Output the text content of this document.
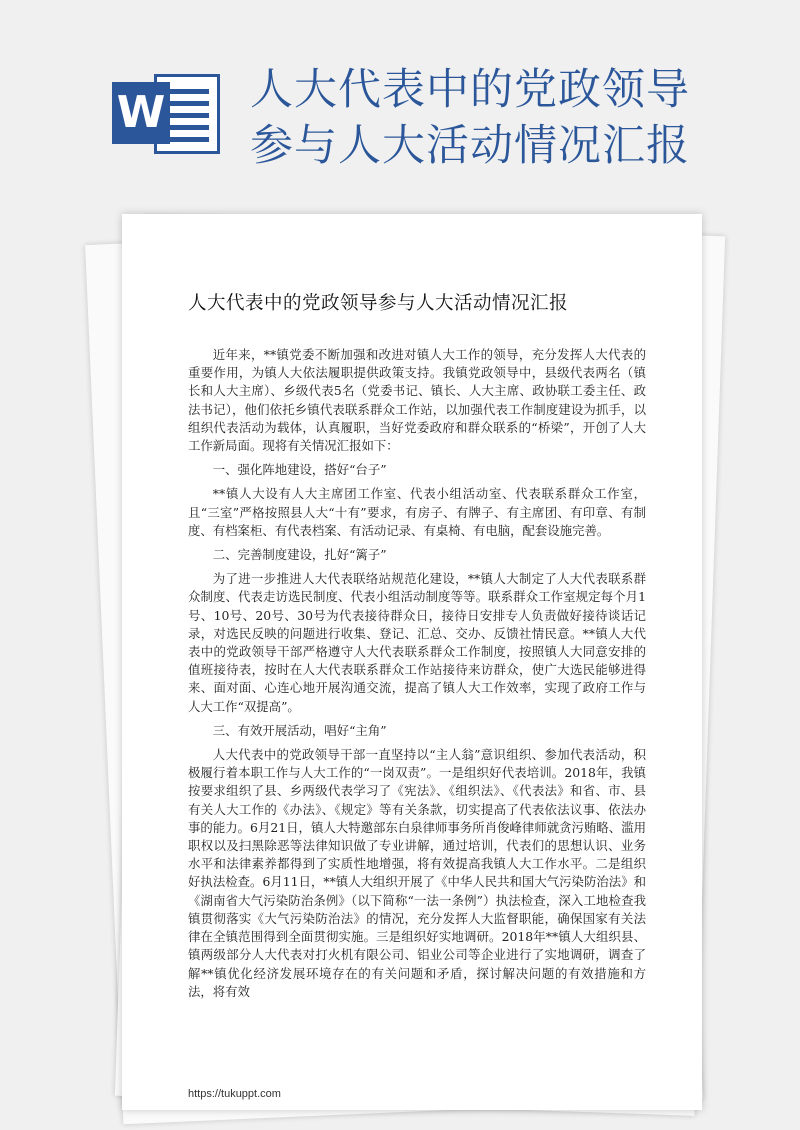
W 人大代表中的党政领导
参与人大活动情况汇报
人大代表中的党政领导参与人大活动情况汇报

近年来，**镇党委不断加强和改进对镇人大工作的领导，充分发挥人大代表的重要作用，为镇人大依法履职提供政策支持。我镇党政领导中，县级代表两名（镇长和人大主席）、乡级代表5名（党委书记、镇长、人大主席、政协联工委主任、政法书记），他们依托乡镇代表联系群众工作站，以加强代表工作制度建设为抓手，以组织代表活动为载体，认真履职，当好党委政府和群众联系的“桥梁”，开创了人大工作新局面。现将有关情况汇报如下：

一、强化阵地建设，搭好“台子”

**镇人大设有人大主席团工作室、代表小组活动室、代表联系群众工作室，且“三室”严格按照县人大“十有”要求，有房子、有牌子、有主席团、有印章、有制度、有档案柜、有代表档案、有活动记录、有桌椅、有电脑，配套设施完善。

二、完善制度建设，扎好“篱子”

为了进一步推进人大代表联络站规范化建设，**镇人大制定了人大代表联系群众制度、代表走访选民制度、代表小组活动制度等等。联系群众工作室规定每个月1号、10号、20号、30号为代表接待群众日，接待日安排专人负责做好接待谈话记录，对选民反映的问题进行收集、登记、汇总、交办、反馈社情民意。**镇人大代表中的党政领导干部严格遵守人大代表联系群众工作制度，按照镇人大同意安排的值班接待表，按时在人大代表联系群众工作站接待来访群众，使广大选民能够进得来、面对面、心连心地开展沟通交流，提高了镇人大工作效率，实现了政府工作与人大工作“双提高”。

三、有效开展活动，唱好“主角”

人大代表中的党政领导干部一直坚持以“主人翁”意识组织、参加代表活动，积极履行着本职工作与人大工作的“一岗双责”。一是组织好代表培训。2018年，我镇按要求组织了县、乡两级代表学习了《宪法》、《组织法》、《代表法》和省、市、县有关人大工作的《办法》、《规定》等有关条款，切实提高了代表依法议事、依法办事的能力。6月21日，镇人大特邀部东白泉律师事务所肖俊峰律师就贪污贿略、滥用职权以及扫黑除恶等法律知识做了专业讲解，通过培训，代表们的思想认识、业务水平和法律素养都得到了实质性地增强，将有效提高我镇人大工作水平。二是组织好执法检查。6月11日，**镇人大组织开展了《中华人民共和国大气污染防治法》和《湖南省大气污染防治条例》（以下简称“一法一条例”）执法检查，深入工地检查我镇贯彻落实《大气污染防治法》的情况，充分发挥人大监督职能，确保国家有关法律在全镇范围得到全面贯彻实施。三是组织好实地调研。2018年**镇人大组织县、镇两级部分人大代表对打火机有限公司、铝业公司等企业进行了实地调研，调查了解**镇优化经济发展环境存在的有关问题和矛盾，探讨解决问题的有效措施和方法，将有效

https://tukuppt.com
